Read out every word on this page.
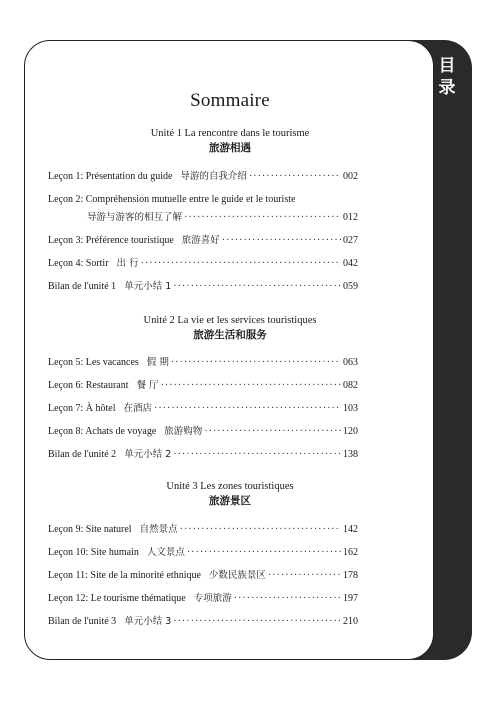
目
录
Sommaire
Unité 1 La rencontre dans le tourisme
旅游相遇
Leçon 1: Présentation du guide 导游的自我介绍 ·····	002
Leçon 2: Compréhension mutuelle entre le guide et le touriste
导游与游客的相互了解 ·····	012
Leçon 3: Préférence touristique 旅游喜好 ·····	027
Leçon 4: Sortir 出 行 ·····	042
Bilan de l'unité 1 单元小结 1 ·····	059
Unité 2 La vie et les services touristiques
旅游生活和服务
Leçon 5: Les vacances 假 期 ·····	063
Leçon 6: Restaurant 餐 厅 ·····	082
Leçon 7: À hôtel 在酒店 ·····	103
Leçon 8: Achats de voyage 旅游购物 ·····	120
Bilan de l'unité 2 单元小结 2 ·····	138
Unité 3 Les zones touristiques
旅游景区
Leçon 9: Site naturel 自然景点 ·····	142
Leçon 10: Site humain 人文景点 ·····	162
Leçon 11: Site de la minorité ethnique 少数民族景区 ·····	178
Leçon 12: Le tourisme thématique 专项旅游 ·····	197
Bilan de l'unité 3 单元小结 3 ·····	210
